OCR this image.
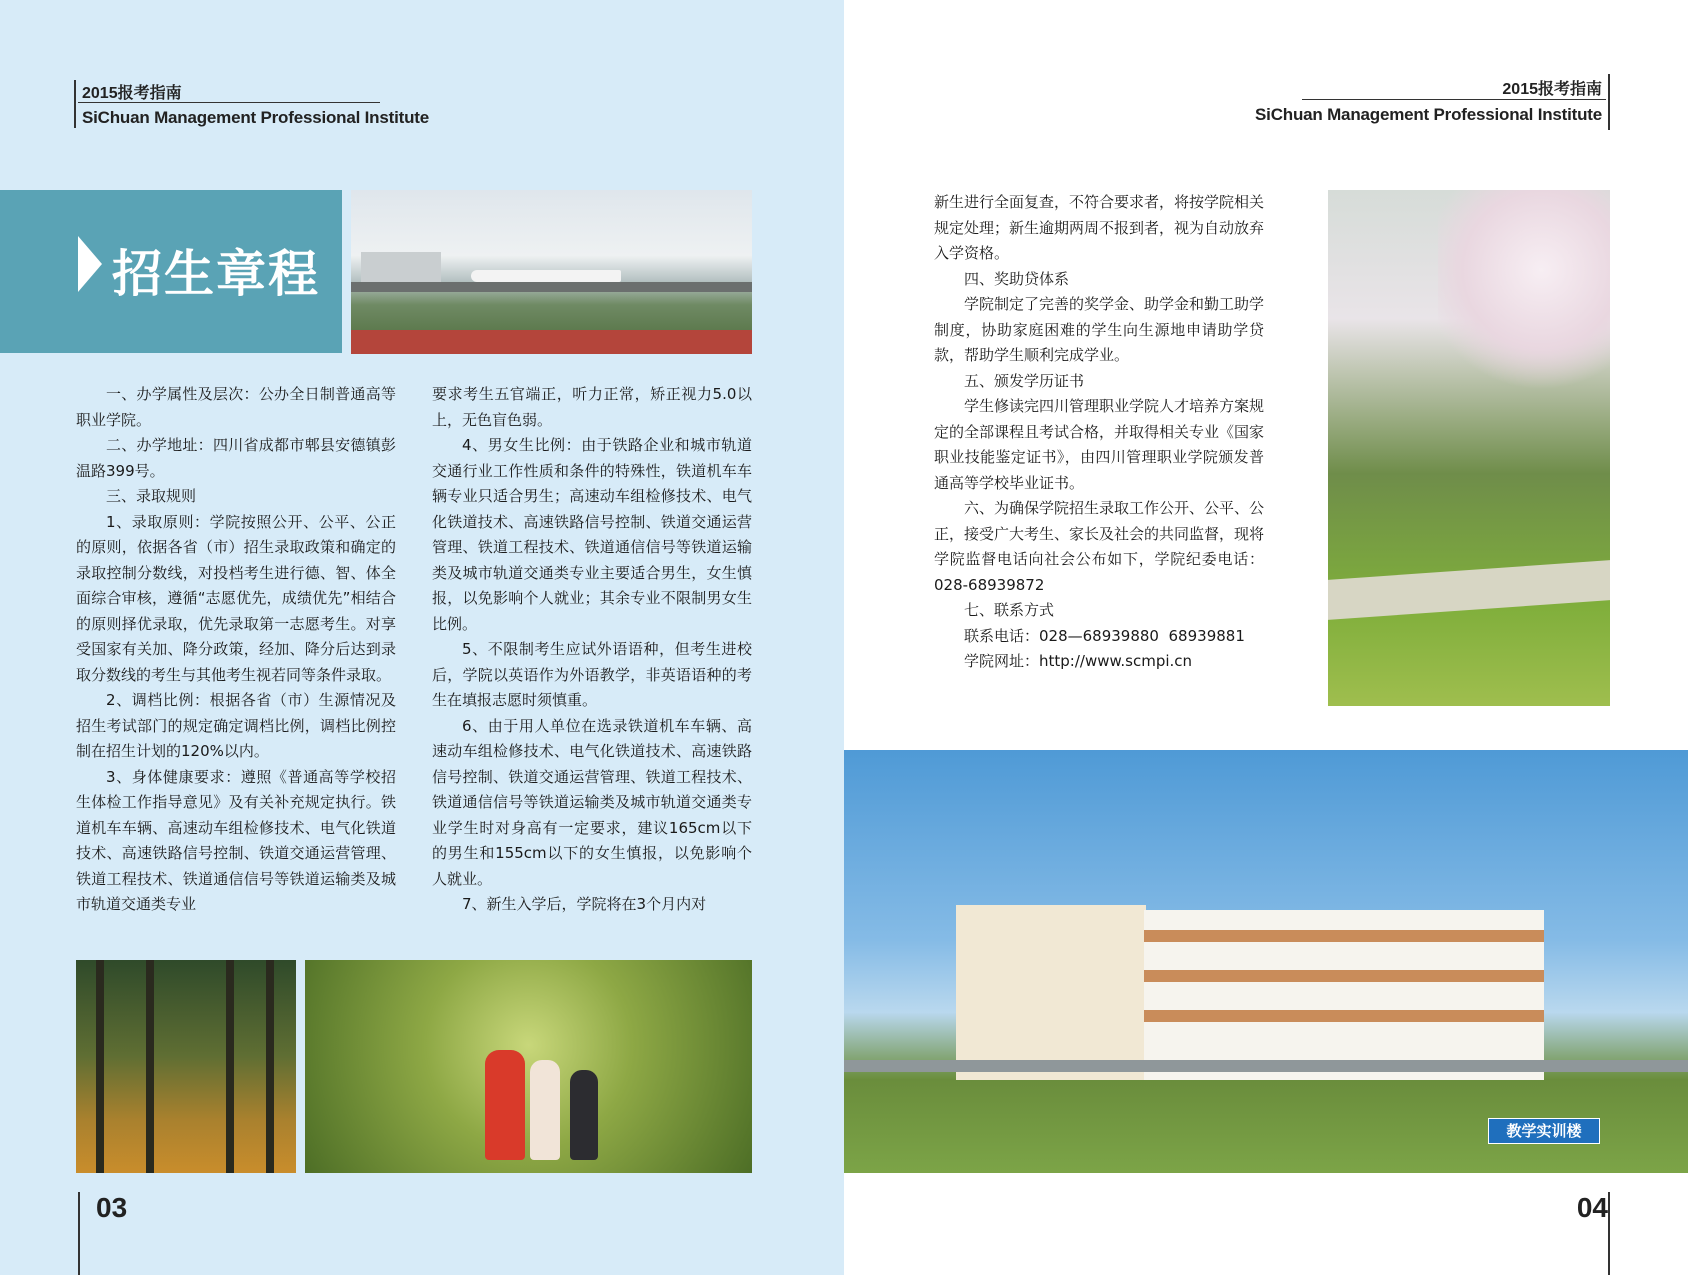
2015报考指南
SiChuan Management Professional Institute
2015报考指南
SiChuan Management Professional Institute
招生章程
教学实训楼

一、办学属性及层次：公办全日制普通高等职业学院。

二、办学地址：四川省成都市郫县安德镇彭温路399号。

三、录取规则

1、录取原则：学院按照公开、公平、公正的原则，依据各省（市）招生录取政策和确定的录取控制分数线，对投档考生进行德、智、体全面综合审核，遵循“志愿优先，成绩优先”相结合的原则择优录取，优先录取第一志愿考生。对享受国家有关加、降分政策，经加、降分后达到录取分数线的考生与其他考生视若同等条件录取。

2、调档比例：根据各省（市）生源情况及招生考试部门的规定确定调档比例，调档比例控制在招生计划的120%以内。

3、身体健康要求：遵照《普通高等学校招生体检工作指导意见》及有关补充规定执行。铁道机车车辆、高速动车组检修技术、电气化铁道技术、高速铁路信号控制、铁道交通运营管理、铁道工程技术、铁道通信信号等铁道运输类及城市轨道交通类专业

要求考生五官端正，听力正常，矫正视力5.0以上，无色盲色弱。

4、男女生比例：由于铁路企业和城市轨道交通行业工作性质和条件的特殊性，铁道机车车辆专业只适合男生；高速动车组检修技术、电气化铁道技术、高速铁路信号控制、铁道交通运营管理、铁道工程技术、铁道通信信号等铁道运输类及城市轨道交通类专业主要适合男生，女生慎报，以免影响个人就业；其余专业不限制男女生比例。

5、不限制考生应试外语语种，但考生进校后，学院以英语作为外语教学，非英语语种的考生在填报志愿时须慎重。

6、由于用人单位在选录铁道机车车辆、高速动车组检修技术、电气化铁道技术、高速铁路信号控制、铁道交通运营管理、铁道工程技术、铁道通信信号等铁道运输类及城市轨道交通类专业学生时对身高有一定要求，建议165cm以下的男生和155cm以下的女生慎报，以免影响个人就业。

7、新生入学后，学院将在3个月内对

新生进行全面复查，不符合要求者，将按学院相关规定处理；新生逾期两周不报到者，视为自动放弃入学资格。

四、奖助贷体系

学院制定了完善的奖学金、助学金和勤工助学制度，协助家庭困难的学生向生源地申请助学贷款，帮助学生顺利完成学业。

五、颁发学历证书

学生修读完四川管理职业学院人才培养方案规定的全部课程且考试合格，并取得相关专业《国家职业技能鉴定证书》，由四川管理职业学院颁发普通高等学校毕业证书。

六、为确保学院招生录取工作公开、公平、公正，接受广大考生、家长及社会的共同监督，现将学院监督电话向社会公布如下，学院纪委电话：028-68939872

七、联系方式

联系电话：028—68939880  68939881

学院网址：http://www.scmpi.cn

03	04
